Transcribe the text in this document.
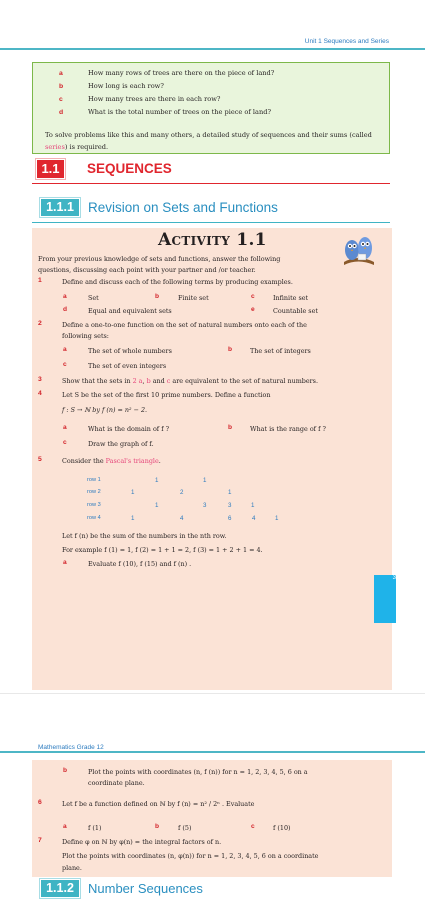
Unit 1 Sequences and Series
a	How many rows of trees are there on the piece of land?
b	How long is each row?
c	How many trees are there in each row?
d	What is the total number of trees on the piece of land?
To solve problems like this and many others, a detailed study of sequences and their sums (called series) is required.
1.1	SEQUENCES
1.1.1	Revision on Sets and Functions
Activity 1.1
From your previous knowledge of sets and functions, answer the following
questions, discussing each point with your partner and /or teacher.
1	Define and discuss each of the following terms by producing examples.
a	Set	b	Finite set	c	Infinite set
d	Equal and equivalent sets	e	Countable set
2	Define a one-to-one function on the set of natural numbers onto each of the
following sets:
a	The set of whole numbers	b	The set of integers
c	The set of even integers
3	Show that the sets in 2 a, b and c are equivalent to the set of natural numbers.
4	Let S be the set of the first 10 prime numbers. Define a function
f : S → ℕ by f (n) = n² − 2.
a	What is the domain of f ?	b	What is the range of f ?
c	Draw the graph of f.
5	Consider the Pascal's triangle.
row 1	1	1
row 2	1	2	1
row 3	1	3	3	1
row 4	1	4	6	4	1
Let f (n) be the sum of the numbers in the nth row.
For example f (1) = 1, f (2) = 1 + 1 = 2, f (3) = 1 + 2 + 1 = 4.
a	Evaluate f (10), f (15) and f (n) .
3
Mathematics Grade 12
b	Plot the points with coordinates (n, f (n)) for n = 1, 2, 3, 4, 5, 6 on a
coordinate plane.
6	Let f be a function defined on ℕ by f (n) = n² / 2ⁿ . Evaluate
a	f (1)	b	f (5)	c	f (10)
7	Define φ on ℕ by φ(n) = the integral factors of n.
Plot the points with coordinates (n, φ(n)) for n = 1, 2, 3, 4, 5, 6 on a coordinate
plane.
1.1.2	Number Sequences
